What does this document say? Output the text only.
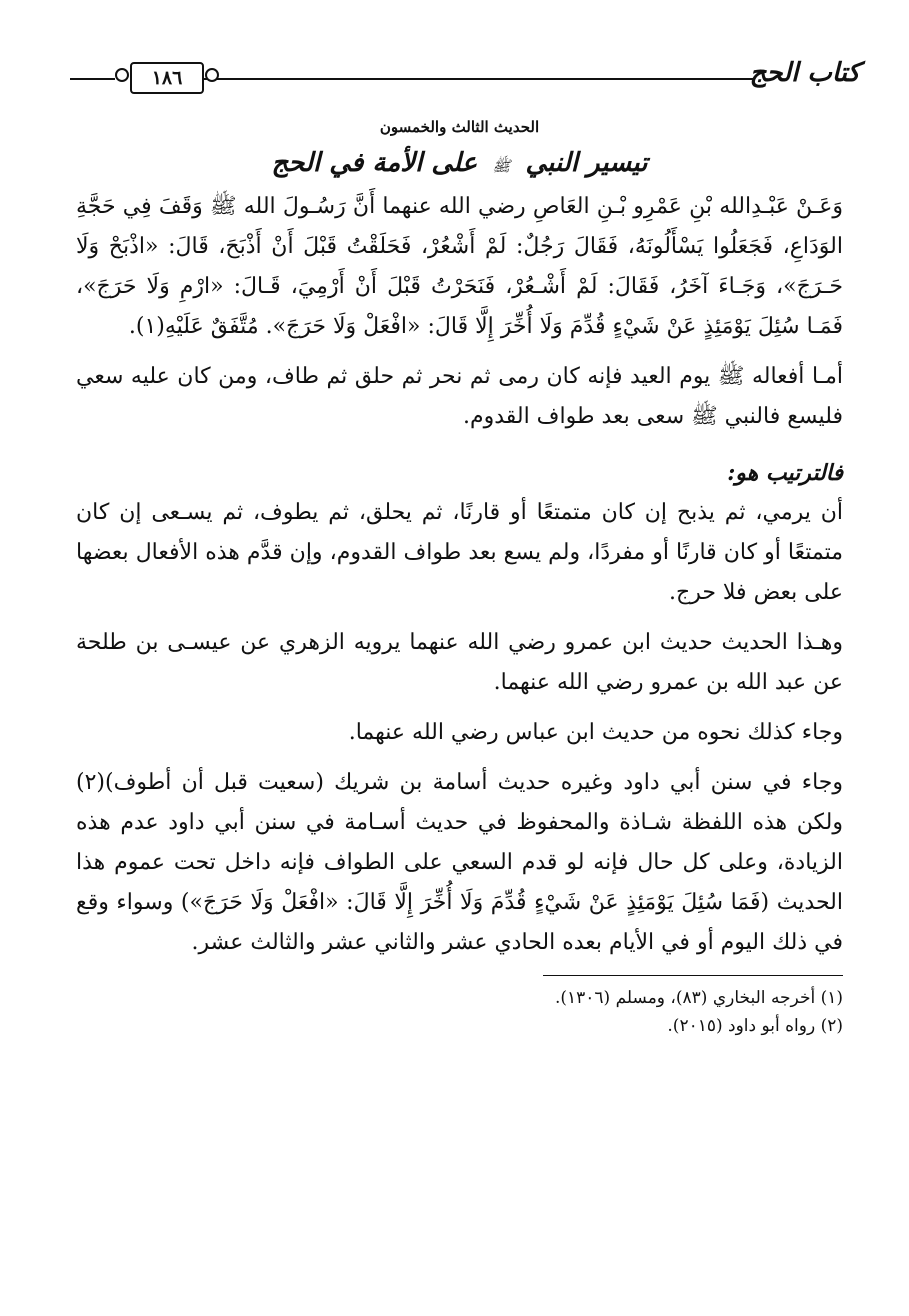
كتاب الحج
١٨٦
الحديث الثالث والخمسون
تيسير النبي ﷺ على الأمة في الحج

وَعَـنْ عَبْـدِالله بْنِ عَمْرِو بْـنِ العَاصِ رضي الله عنهما أَنَّ رَسُـولَ الله ﷺ وَقَفَ فِي حَجَّةِ الوَدَاعِ، فَجَعَلُوا يَسْأَلُونَهُ، فَقَالَ رَجُلٌ: لَمْ أَشْعُرْ، فَحَلَقْتُ قَبْلَ أَنْ أَذْبَحَ، قَالَ: «اذْبَحْ وَلَا حَـرَجَ»، وَجَـاءَ آخَرُ، فَقَالَ: لَمْ أَشْـعُرْ، فَنَحَرْتُ قَبْلَ أَنْ أَرْمِيَ، قَـالَ: «ارْمِ وَلَا حَرَجَ»، فَمَـا سُئِلَ يَوْمَئِذٍ عَنْ شَيْءٍ قُدِّمَ وَلَا أُخِّرَ إِلَّا قَالَ: «افْعَلْ وَلَا حَرَجَ». مُتَّفَقٌ عَلَيْهِ(١).

أمـا أفعاله ﷺ يوم العيد فإنه كان رمى ثم نحر ثم حلق ثم طاف، ومن كان عليه سعي فليسع فالنبي ﷺ سعى بعد طواف القدوم.

فالترتيب هو:

أن يرمي، ثم يذبح إن كان متمتعًا أو قارنًا، ثم يحلق، ثم يطوف، ثم يسـعى إن كان متمتعًا أو كان قارنًا أو مفردًا، ولم يسع بعد طواف القدوم، وإن قدَّم هذه الأفعال بعضها على بعض فلا حرج.

وهـذا الحديث حديث ابن عمرو رضي الله عنهما يرويه الزهري عن عيسـى بن طلحة عن عبد الله بن عمرو رضي الله عنهما.

وجاء كذلك نحوه من حديث ابن عباس رضي الله عنهما.

وجاء في سنن أبي داود وغيره حديث أسامة بن شريك (سعيت قبل أن أطوف)(٢) ولكن هذه اللفظة شـاذة والمحفوظ في حديث أسـامة في سنن أبي داود عدم هذه الزيادة، وعلى كل حال فإنه لو قدم السعي على الطواف فإنه داخل تحت عموم هذا الحديث (فَمَا سُئِلَ يَوْمَئِذٍ عَنْ شَيْءٍ قُدِّمَ وَلَا أُخِّرَ إِلَّا قَالَ: «افْعَلْ وَلَا حَرَجَ») وسواء وقع في ذلك اليوم أو في الأيام بعده الحادي عشر والثاني عشر والثالث عشر.

(١) أخرجه البخاري (٨٣)، ومسلم (١٣٠٦).
(٢) رواه أبو داود (٢٠١٥).
